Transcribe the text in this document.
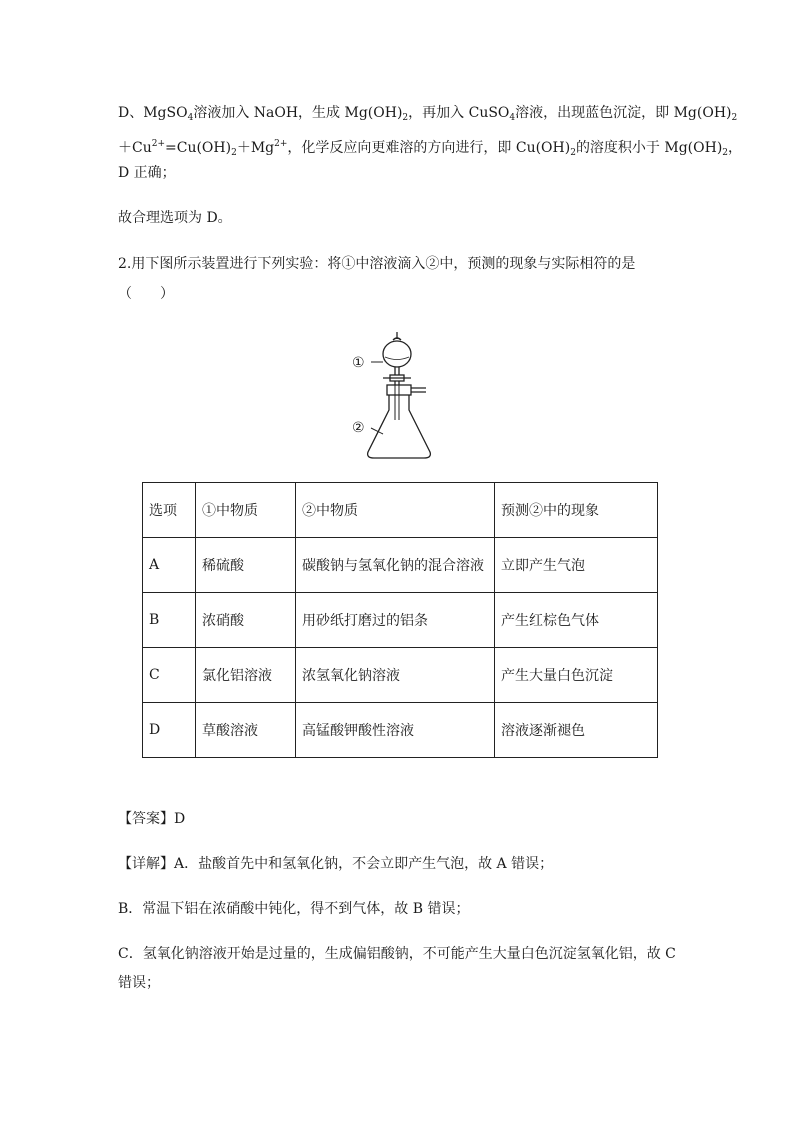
D、MgSO$_4$溶液加入 NaOH，生成 $Mg(OH)_2$，再加入 CuSO$_4$溶液，出现蓝色沉淀，即 $Mg(OH)_2$
$+Cu^{2+}=Cu(OH)_2+Mg^{2+}$，化学反应向更难溶的方向进行，即 $Cu(OH)_2$的溶度积小于 $Mg(OH)_2$，
D 正确；
故合理选项为 D。
2.用下图所示装置进行下列实验：将①中溶液滴入②中，预测的现象与实际相符的是
（　　）
①
②
选项	①中物质	②中物质	预测②中的现象
A	稀硫酸	碳酸钠与氢氧化钠的混合溶液	立即产生气泡
B	浓硝酸	用砂纸打磨过的铝条	产生红棕色气体
C	氯化铝溶液	浓氢氧化钠溶液	产生大量白色沉淀
D	草酸溶液	高锰酸钾酸性溶液	溶液逐渐褪色
【答案】D
【详解】A．盐酸首先中和氢氧化钠，不会立即产生气泡，故 A 错误；
B．常温下铝在浓硝酸中钝化，得不到气体，故 B 错误；
C．氢氧化钠溶液开始是过量的，生成偏铝酸钠，不可能产生大量白色沉淀氢氧化铝，故 C
错误；
